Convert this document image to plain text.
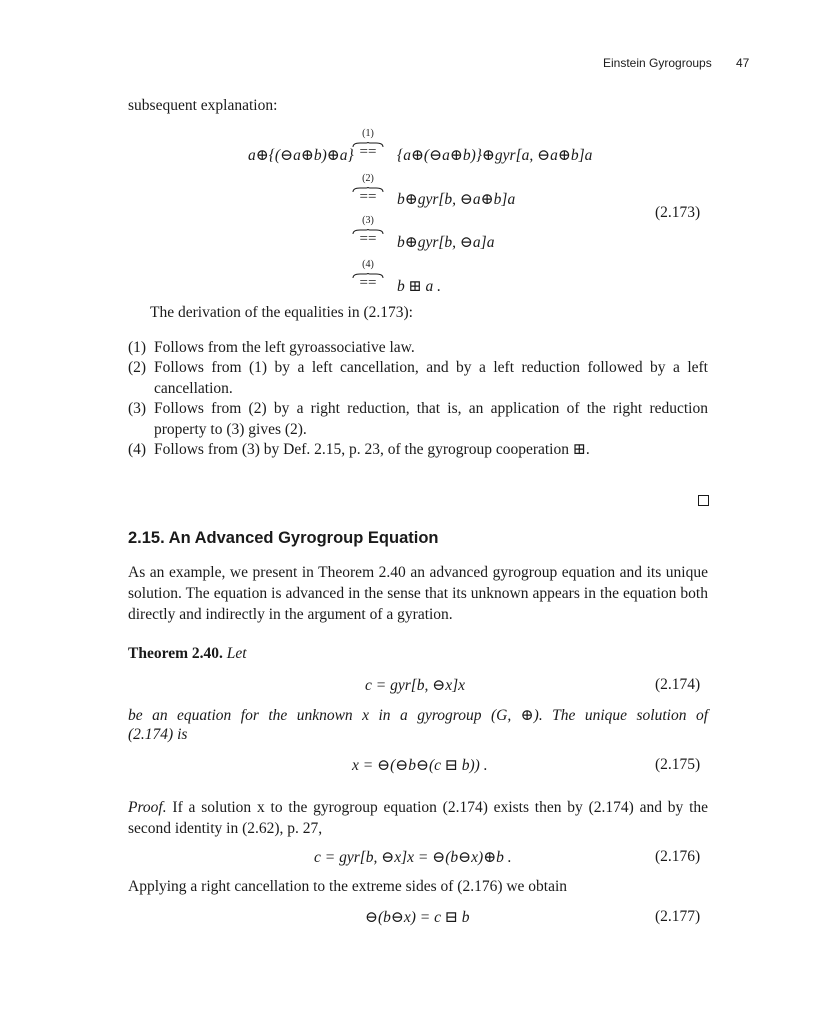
Einstein Gyrogroups 47
subsequent explanation:
a⊕{(⊖a⊕b)⊕a}
(1)
==	{a⊕(⊖a⊕b)}⊕gyr[a, ⊖a⊕b]a
(2)
==	b⊕gyr[b, ⊖a⊕b]a
(3)
==	b⊕gyr[b, ⊖a]a
(4)
==	b ⊞ a .
(2.173)
The derivation of the equalities in (2.173):
(1) Follows from the left gyroassociative law.
(2) Follows from (1) by a left cancellation, and by a left reduction followed by a left cancellation.
(3) Follows from (2) by a right reduction, that is, an application of the right reduction property to (3) gives (2).
(4) Follows from (3) by Def. 2.15, p. 23, of the gyrogroup cooperation ⊞.
2.15. An Advanced Gyrogroup Equation
As an example, we present in Theorem 2.40 an advanced gyrogroup equation and its unique solution. The equation is advanced in the sense that its unknown appears in the equation both directly and indirectly in the argument of a gyration.
Theorem 2.40. Let
c = gyr[b, ⊖x]x	(2.174)
be an equation for the unknown x in a gyrogroup (G, ⊕). The unique solution of
(2.174) is
x = ⊖(⊖b⊖(c ⊟ b)) .	(2.175)
Proof. If a solution x to the gyrogroup equation (2.174) exists then by (2.174) and by the second identity in (2.62), p. 27,
c = gyr[b, ⊖x]x = ⊖(b⊖x)⊕b .	(2.176)
Applying a right cancellation to the extreme sides of (2.176) we obtain
⊖(b⊖x) = c ⊟ b	(2.177)
